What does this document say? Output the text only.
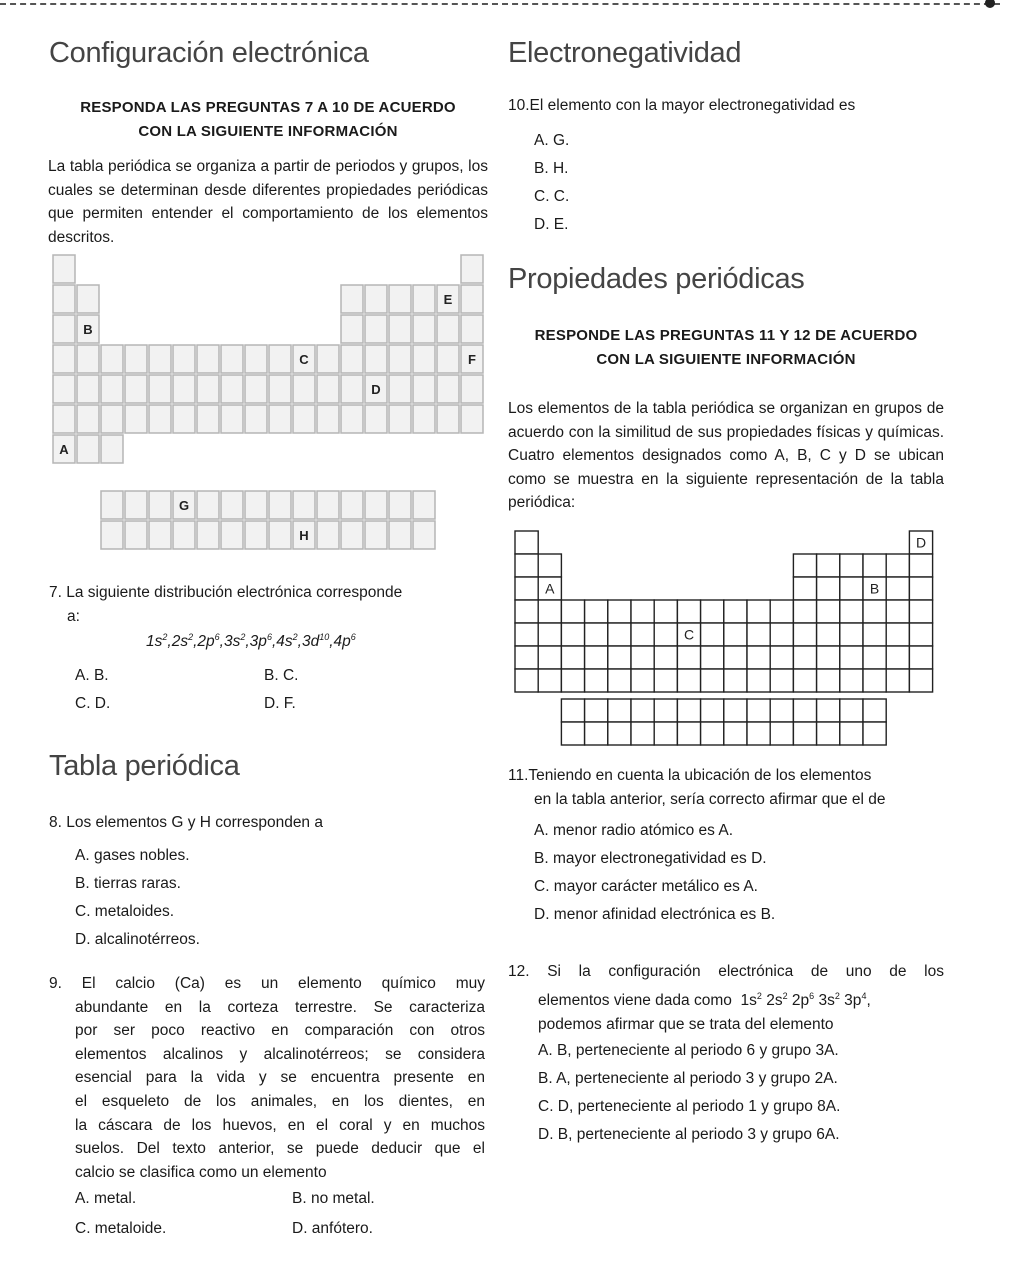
Configuración electrónica
RESPONDA LAS PREGUNTAS 7 A 10 DE ACUERDO
CON LA SIGUIENTE INFORMACIÓN
La tabla periódica se organiza a partir de periodos y grupos, los cuales se determinan desde diferentes propiedades periódicas que permiten entender el comportamiento de los elementos descritos.
E
B
C	F
D
A
G
H
7. La siguiente distribución electrónica corresponde
a:
$1s^2,2s^2,2p^6,3s^2,3p^6,4s^2,3d^{10},4p^6$
A. B.	B. C.
C. D.	D. F.
Tabla periódica
8. Los elementos G y H corresponden a
A. gases nobles.
B. tierras raras.
C. metaloides.
D. alcalinotérreos.
9. El calcio (Ca) es un elemento químico muy
abundante en la corteza terrestre. Se caracteriza
por ser poco reactivo en comparación con otros
elementos alcalinos y alcalinotérreos; se considera
esencial para la vida y se encuentra presente en
el esqueleto de los animales, en los dientes, en
la cáscara de los huevos, en el coral y en muchos
suelos. Del texto anterior, se puede deducir que el
calcio se clasifica como un elemento
A. metal.	B. no metal.
C. metaloide.	D. anfótero.
Electronegatividad
10.El elemento con la mayor electronegatividad es
A. G.
B. H.
C. C.
D. E.
Propiedades periódicas
RESPONDE LAS PREGUNTAS 11 Y 12 DE ACUERDO
CON LA SIGUIENTE INFORMACIÓN
Los elementos de la tabla periódica se organizan en grupos de acuerdo con la similitud de sus propiedades físicas y químicas. Cuatro elementos designados como A, B, C y D se ubican como se muestra en la siguiente representación de la tabla periódica:
D
A	B
C
11.Teniendo en cuenta la ubicación de los elementos
en la tabla anterior, sería correcto afirmar que el de
A. menor radio atómico es A.
B. mayor electronegatividad es D.
C. mayor carácter metálico es A.
D. menor afinidad electrónica es B.
12. Si la configuración electrónica de uno de los
elementos viene dada como $1s^2$ $2s^2$ $2p^6$ $3s^2$ $3p^4$,
podemos afirmar que se trata del elemento
A. B, perteneciente al periodo 6 y grupo 3A.
B. A, perteneciente al periodo 3 y grupo 2A.
C. D, perteneciente al periodo 1 y grupo 8A.
D. B, perteneciente al periodo 3 y grupo 6A.
